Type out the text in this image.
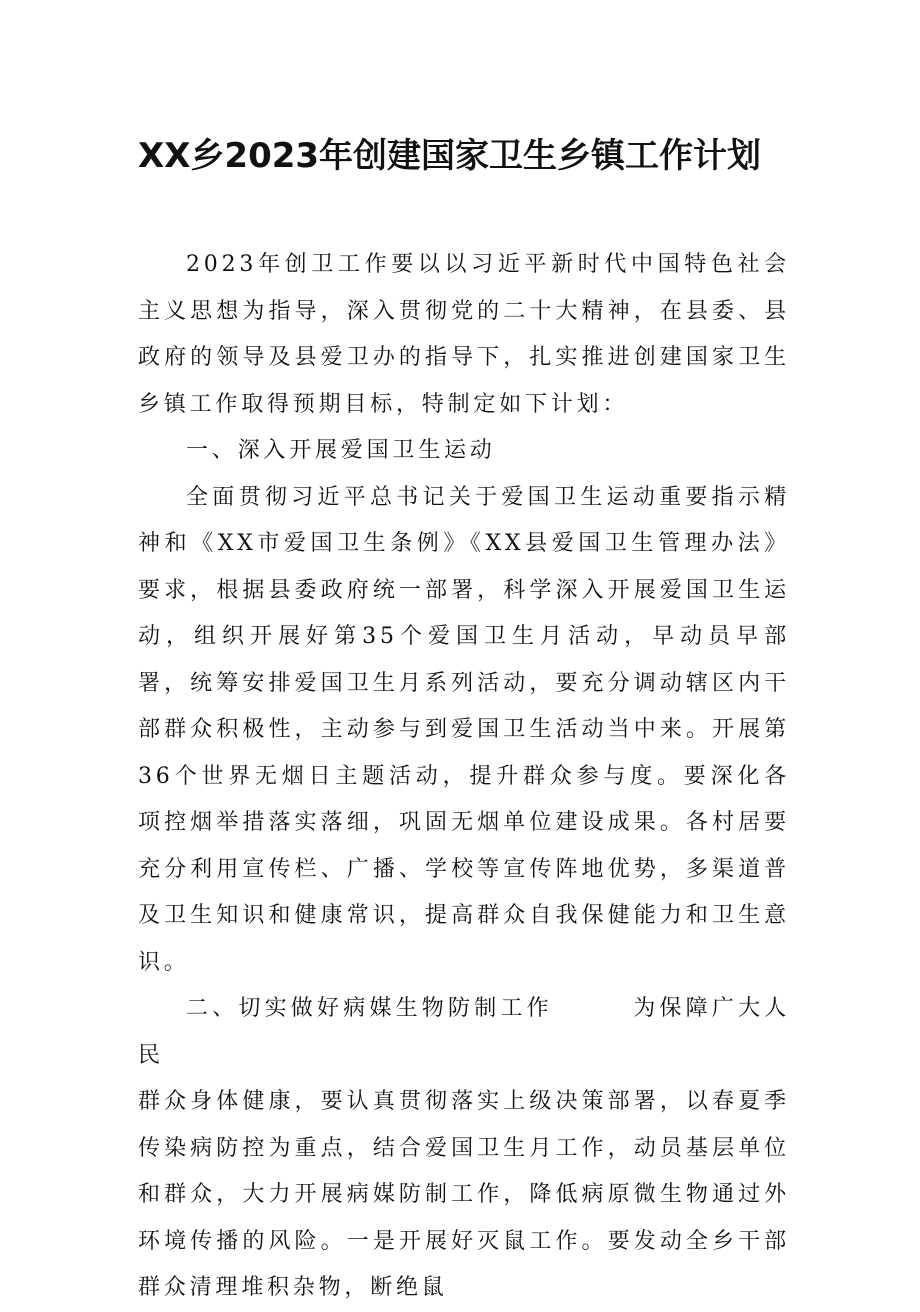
XX乡2023年创建国家卫生乡镇工作计划

2023年创卫工作要以以习近平新时代中国特色社会主义思想为指导，深入贯彻党的二十大精神，在县委、县政府的领导及县爱卫办的指导下，扎实推进创建国家卫生乡镇工作取得预期目标，特制定如下计划：

一、深入开展爱国卫生运动

全面贯彻习近平总书记关于爱国卫生运动重要指示精神和《XX市爱国卫生条例》《XX县爱国卫生管理办法》要求，根据县委政府统一部署，科学深入开展爱国卫生运动，组织开展好第35个爱国卫生月活动，早动员早部署，统筹安排爱国卫生月系列活动，要充分调动辖区内干部群众积极性，主动参与到爱国卫生活动当中来。开展第36个世界无烟日主题活动，提升群众参与度。要深化各项控烟举措落实落细，巩固无烟单位建设成果。各村居要充分利用宣传栏、广播、学校等宣传阵地优势，多渠道普及卫生知识和健康常识，提高群众自我保健能力和卫生意识。

二、切实做好病媒生物防制工作	为保障广大人民

群众身体健康，要认真贯彻落实上级决策部署，以春夏季传染病防控为重点，结合爱国卫生月工作，动员基层单位和群众，大力开展病媒防制工作，降低病原微生物通过外环境传播的风险。一是开展好灭鼠工作。要发动全乡干部群众清理堆积杂物，断绝鼠
